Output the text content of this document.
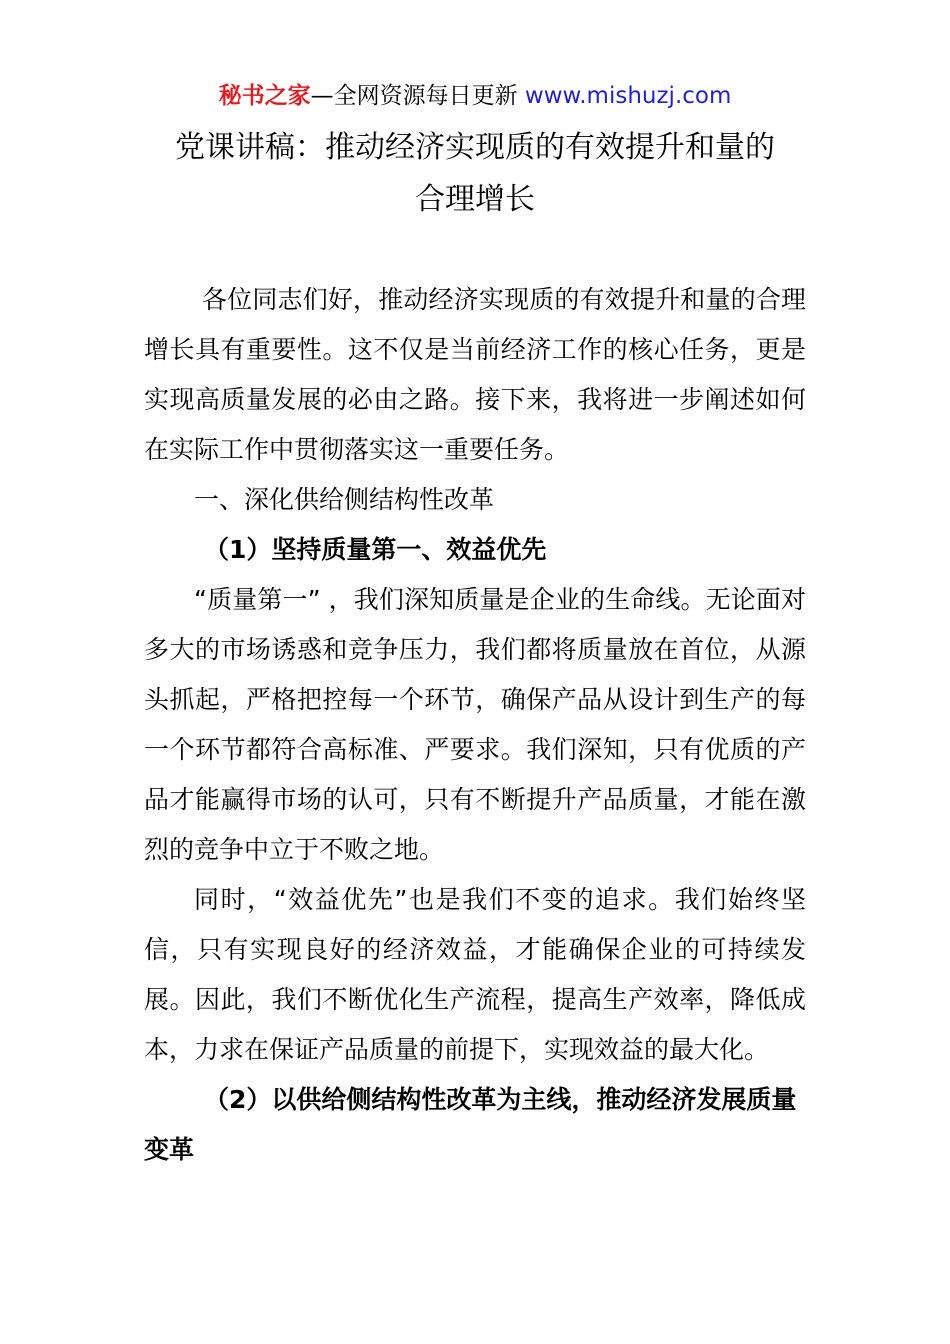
秘书之家—全网资源每日更新 www.mishuzj.com
党课讲稿：推动经济实现质的有效提升和量的
合理增长

各位同志们好，推动经济实现质的有效提升和量的合理增长具有重要性。这不仅是当前经济工作的核心任务，更是实现高质量发展的必由之路。接下来，我将进一步阐述如何在实际工作中贯彻落实这一重要任务。

一、深化供给侧结构性改革

（1）坚持质量第一、效益优先

“质量第一” ，我们深知质量是企业的生命线。无论面对多大的市场诱惑和竞争压力，我们都将质量放在首位，从源头抓起，严格把控每一个环节，确保产品从设计到生产的每一个环节都符合高标准、严要求。我们深知，只有优质的产品才能赢得市场的认可，只有不断提升产品质量，才能在激烈的竞争中立于不败之地。

同时，“效益优先”也是我们不变的追求。我们始终坚信，只有实现良好的经济效益，才能确保企业的可持续发展。因此，我们不断优化生产流程，提高生产效率，降低成本，力求在保证产品质量的前提下，实现效益的最大化。

（2）以供给侧结构性改革为主线，推动经济发展质量变革
